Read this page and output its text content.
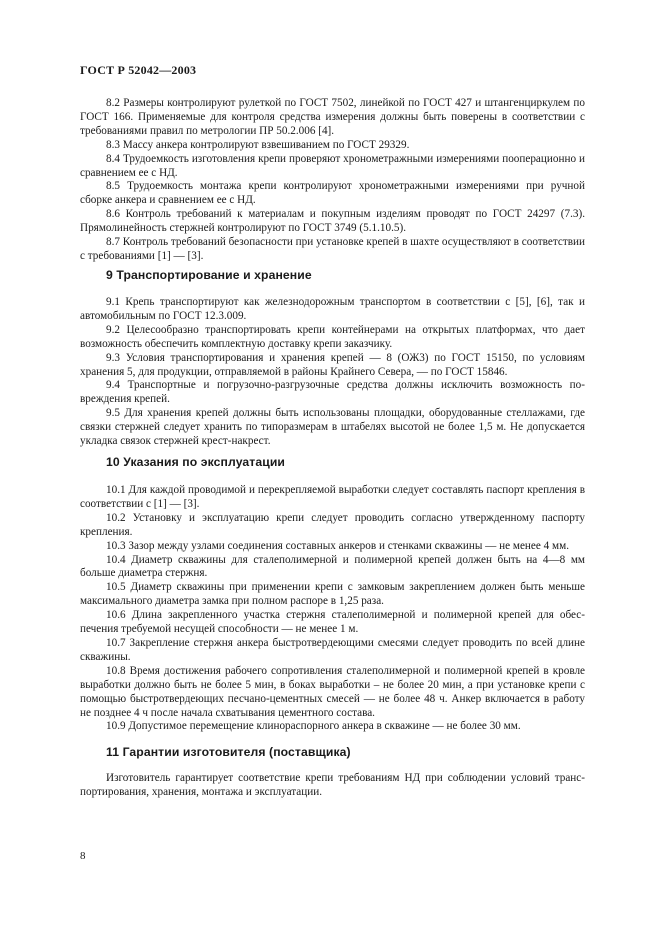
ГОСТ Р 52042—2003

8.2 Размеры контролируют рулеткой по ГОСТ 7502, линейкой по ГОСТ 427 и штангенциркулем по ГОСТ 166. Применяемые для контроля средства измерения должны быть поверены в соответствии с требованиями правил по метрологии ПР 50.2.006 [4].

8.3 Массу анкера контролируют взвешиванием по ГОСТ 29329.

8.4 Трудоемкость изготовления крепи проверяют хронометражными измерениями пооперационно и сравнением ее с НД.

8.5 Трудоемкость монтажа крепи контролируют хронометражными измерениями при ручной сборке анкера и сравнением ее с НД.

8.6 Контроль требований к материалам и покупным изделиям проводят по ГОСТ 24297 (7.3). Прямолинейность стержней контролируют по ГОСТ 3749 (5.1.10.5).

8.7 Контроль требований безопасности при установке крепей в шахте осуществляют в соответствии с требованиями [1] — [3].

9 Транспортирование и хранение

9.1 Крепь транспортируют как железнодорожным транспортом в соответствии с [5], [6], так и автомобильным по ГОСТ 12.3.009.

9.2 Целесообразно транспортировать крепи контейнерами на открытых платформах, что дает возможность обеспечить комплектную доставку крепи заказчику.

9.3 Условия транспортирования и хранения крепей — 8 (ОЖ3) по ГОСТ 15150, по условиям хранения 5, для продукции, отправляемой в районы Крайнего Севера, — по ГОСТ 15846.

9.4 Транспортные и погрузочно-разгрузочные средства должны исключить возможность повреждения крепей.

9.5 Для хранения крепей должны быть использованы площадки, оборудованные стеллажами, где связки стержней следует хранить по типоразмерам в штабелях высотой не более 1,5 м. Не допускается укладка связок стержней крест-накрест.

10 Указания по эксплуатации

10.1 Для каждой проводимой и перекрепляемой выработки следует составлять паспорт крепления в соответствии с [1] — [3].

10.2 Установку и эксплуатацию крепи следует проводить согласно утвержденному паспорту крепления.

10.3 Зазор между узлами соединения составных анкеров и стенками скважины — не менее 4 мм.

10.4 Диаметр скважины для сталеполимерной и полимерной крепей должен быть на 4—8 мм больше диаметра стержня.

10.5 Диаметр скважины при применении крепи с замковым закреплением должен быть меньше максимального диаметра замка при полном распоре в 1,25 раза.

10.6 Длина закрепленного участка стержня сталеполимерной и полимерной крепей для обеспечения требуемой несущей способности — не менее 1 м.

10.7 Закрепление стержня анкера быстротвердеющими смесями следует проводить по всей длине скважины.

10.8 Время достижения рабочего сопротивления сталеполимерной и полимерной крепей в кровле выработки должно быть не более 5 мин, в боках выработки – не более 20 мин, а при установке крепи с помощью быстротвердеющих песчано-цементных смесей — не более 48 ч. Анкер включается в работу не позднее 4 ч после начала схватывания цементного состава.

10.9 Допустимое перемещение клинораспорного анкера в скважине — не более 30 мм.

11 Гарантии изготовителя (поставщика)

Изготовитель гарантирует соответствие крепи требованиям НД при соблюдении условий транспортирования, хранения, монтажа и эксплуатации.

8
